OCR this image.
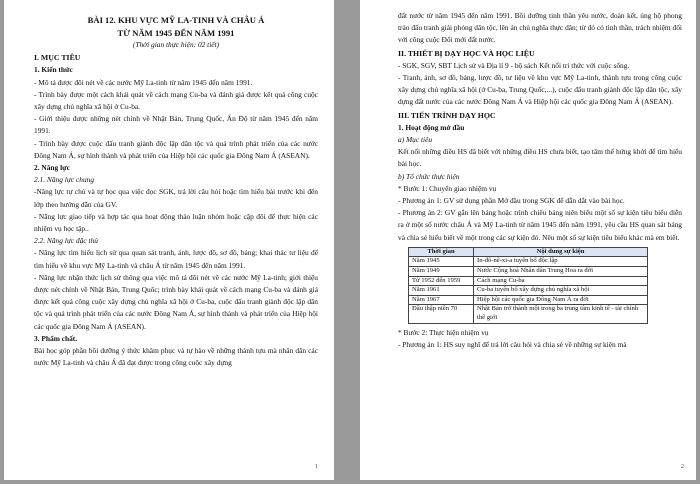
BÀI 12. KHU VỰC MỸ LA-TINH VÀ CHÂU Á

TỪ NĂM 1945 ĐẾN NĂM 1991

(Thời gian thực hiện: 02 tiết)

I. MỤC TIÊU

1. Kiến thức

- Mô tả được đôi nét về các nước Mỹ La-tinh từ năm 1945 đến năm 1991.

- Trình bày được một cách khái quát về cách mạng Cu-ba và đánh giá được kết quả công cuộc xây dựng chủ nghĩa xã hội ở Cu-ba.

- Giới thiệu được những nét chính về Nhật Bản, Trung Quốc, Ấn Độ từ năm 1945 đến năm 1991.

- Trình bày được cuộc đấu tranh giành độc lập dân tộc và quá trình phát triển của các nước Đông Nam Á, sự hình thành và phát triển của Hiệp hội các quốc gia Đông Nam Á (ASEAN).

2. Năng lực

2.1. Năng lực chung

-Năng lực tự chủ và tự học qua việc đọc SGK, trả lời câu hỏi hoặc tìm hiểu bài trước khi đến lớp theo hướng dẫn của GV.

- Năng lực giao tiếp và hợp tác qua hoạt động thảo luận nhóm hoặc cặp đôi để thực hiện các nhiệm vụ học tập..

2.2. Năng lực đặc thù

- Năng lực tìm hiểu lịch sử qua quan sát tranh, ảnh, lược đồ, sơ đồ, bảng; khai thác tư liệu để tìm hiểu về khu vực Mỹ La-tinh và châu Á từ năm 1945 đến năm 1991.

- Năng lực nhận thức lịch sử thông qua việc mô tả đôi nét về các nước Mỹ La-tinh; giới thiệu được nét chính về Nhật Bản, Trung Quốc; trình bày khái quát về cách mạng Cu-ba và đánh giá được kết quả công cuộc xây dựng chủ nghĩa xã hội ở Cu-ba, cuộc đấu tranh giành độc lập dân tộc và quá trình phát triển của các nước Đông Nam Á, sự hình thành và phát triển của Hiệp hội các quốc gia Đông Nam Á (ASEAN).

3. Phẩm chất.

Bài học góp phần bồi dưỡng ý thức khâm phục và tự hào về những thành tựu mà nhân dân các nước Mỹ La-tinh và châu Á đã đạt được trong công cuộc xây dựng

1

đất nước từ năm 1945 đến năm 1991. Bồi dưỡng tinh thần yêu nước, đoàn kết, ủng hộ phong trào đấu tranh giải phóng dân tộc, lên án chủ nghĩa thực dân; từ đó có tình thần, trách nhiệm đối với công cuộc Đổi mới đất nước.

II. THIẾT BỊ DẠY HỌC VÀ HỌC LIỆU

- SGK, SGV, SBT Lịch sử và Địa lí 9 - bộ sách Kết nối tri thức với cuộc sống.

- Tranh, ảnh, sơ đồ, bảng, lược đồ, tư liệu về khu vực Mỹ La-tinh, thành tựu trong công cuộc xây dựng chủ nghĩa xã hội (ở Cu-ba, Trung Quốc,...), cuộc đấu tranh giành độc lập dân tộc, xây dựng đất nước của các nước Đông Nam Á và Hiệp hội các quốc gia Đông Nam Á (ASEAN).

III. TIẾN TRÌNH DẠY HỌC

1. Hoạt động mở đầu

a) Mục tiêu

Kết nối những điều HS đã biết với những điều HS chưa biết, tạo tâm thế hứng khởi để tìm hiểu bài học.

b) Tổ chức thực hiện

* Bước 1: Chuyển giao nhiệm vụ

- Phương án 1: GV sử dụng phần Mở đầu trong SGK để dẫn dắt vào bài học.

- Phương án 2: GV gắn lên bảng hoặc trình chiếu bảng niên biểu một số sự kiện tiêu biểu diễn ra ở một số nước châu Á và Mỹ La-tinh từ năm 1945 đến năm 1991, yêu cầu HS quan sát bảng và chia sẻ hiểu biết về một trong các sự kiện đó. Nêu một số sự kiện tiêu biểu khác mà em biết.

Thời gian	Nội dung sự kiện
Năm 1945	In-đô-nê-xi-a tuyên bố độc lập
Năm 1949	Nước Cộng hoà Nhân dân Trung Hoa ra đời
Từ 1952 đến 1959	Cách mạng Cu-ba
Năm 1961	Cu-ba tuyên bố xây dựng chủ nghĩa xã hội
Năm 1967	Hiệp hội các quốc gia Đông Nam Á ra đời
Đầu thập niên 70	Nhật Bản trở thành một trong ba trung tâm kinh tế - tài chính thế giới

* Bước 2: Thực hiện nhiệm vụ

- Phương án 1: HS suy nghĩ để trả lời câu hỏi và chia sẻ về những sự kiện mà

2
